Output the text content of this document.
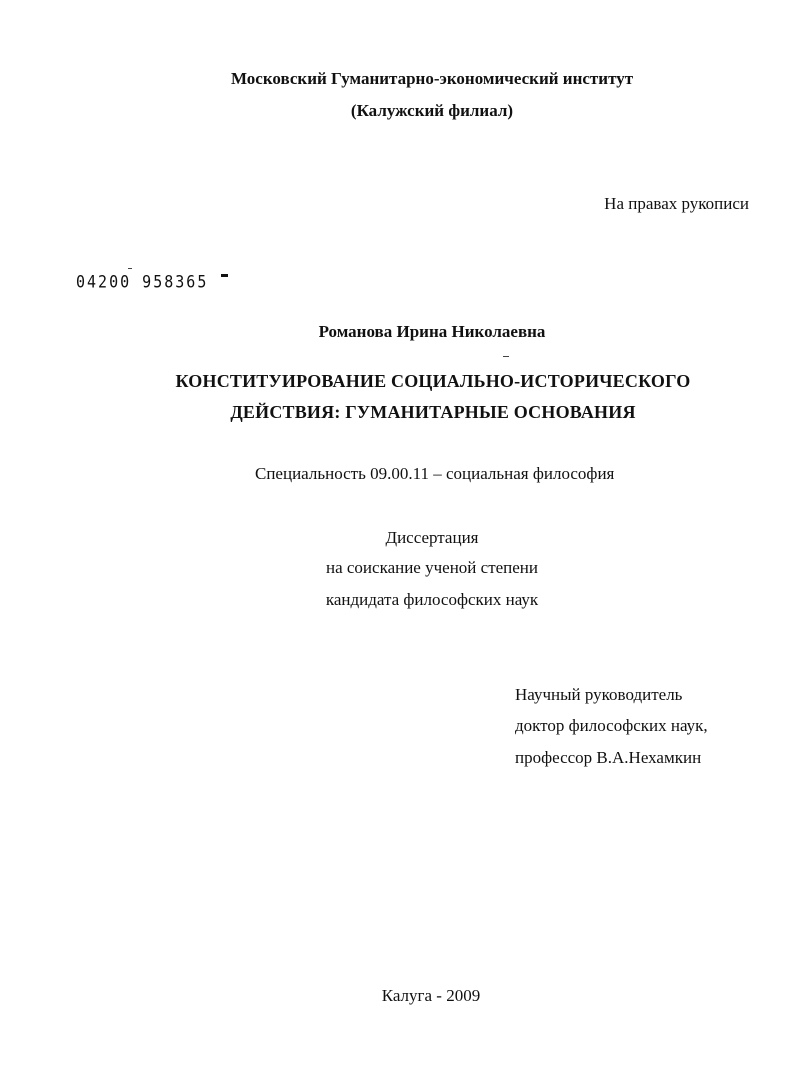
Московский Гуманитарно-экономический институт
(Калужский филиал)
На правах рукописи
04200 958365
Романова Ирина Николаевна
КОНСТИТУИРОВАНИЕ СОЦИАЛЬНО-ИСТОРИЧЕСКОГО
ДЕЙСТВИЯ: ГУМАНИТАРНЫЕ ОСНОВАНИЯ
Специальность 09.00.11 – социальная философия
Диссертация
на соискание ученой степени
кандидата философских наук
Научный руководитель
доктор философских наук,
профессор В.А.Нехамкин
Калуга - 2009
